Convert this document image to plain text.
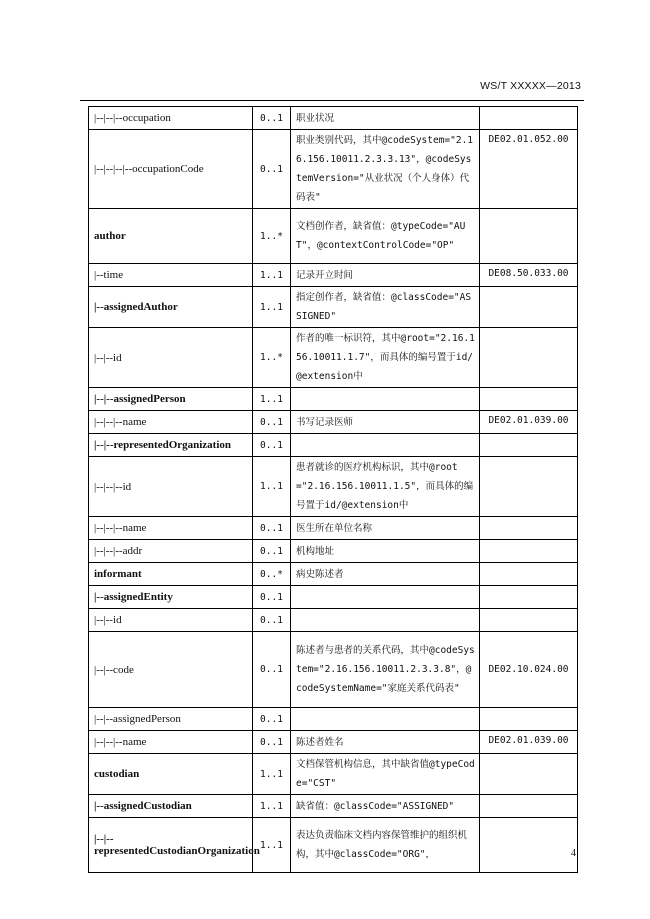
WS/T XXXXX—2013
|--|--|--occupation	0..1	职业状况	
|--|--|--|--occupationCode	0..1	职业类别代码，其中@codeSystem="2.16.156.10011.2.3.3.13"，@codeSystemVersion="从业状况（个人身体）代码表"	DE02.01.052.00
author	1..*	文档创作者，缺省值：@typeCode="AUT"，@contextControlCode="OP"	
|--time	1..1	记录开立时间	DE08.50.033.00
|--assignedAuthor	1..1	指定创作者，缺省值：@classCode="ASSIGNED"	
|--|--id	1..*	作者的唯一标识符，其中@root="2.16.156.10011.1.7"，而具体的编号置于id/@extension中	
|--|--assignedPerson	1..1		
|--|--|--name	0..1	书写记录医师	DE02.01.039.00
|--|--representedOrganization	0..1		
|--|--|--id	1..1	患者就诊的医疗机构标识，其中@root="2.16.156.10011.1.5"，而具体的编号置于id/@extension中	
|--|--|--name	0..1	医生所在单位名称	
|--|--|--addr	0..1	机构地址	
informant	0..*	病史陈述者	
|--assignedEntity	0..1		
|--|--id	0..1		
|--|--code	0..1	陈述者与患者的关系代码，其中@codeSystem="2.16.156.10011.2.3.3.8"，@codeSystemName="家庭关系代码表"	DE02.10.024.00
|--|--assignedPerson	0..1		
|--|--|--name	0..1	陈述者姓名	DE02.01.039.00
custodian	1..1	文档保管机构信息，其中缺省值@typeCode="CST"	
|--assignedCustodian	1..1	缺省值：@classCode="ASSIGNED"	
|--|--representedCustodianOrganization	1..1	表达负责临床文档内容保管维护的组织机构，其中@classCode="ORG"，		4
